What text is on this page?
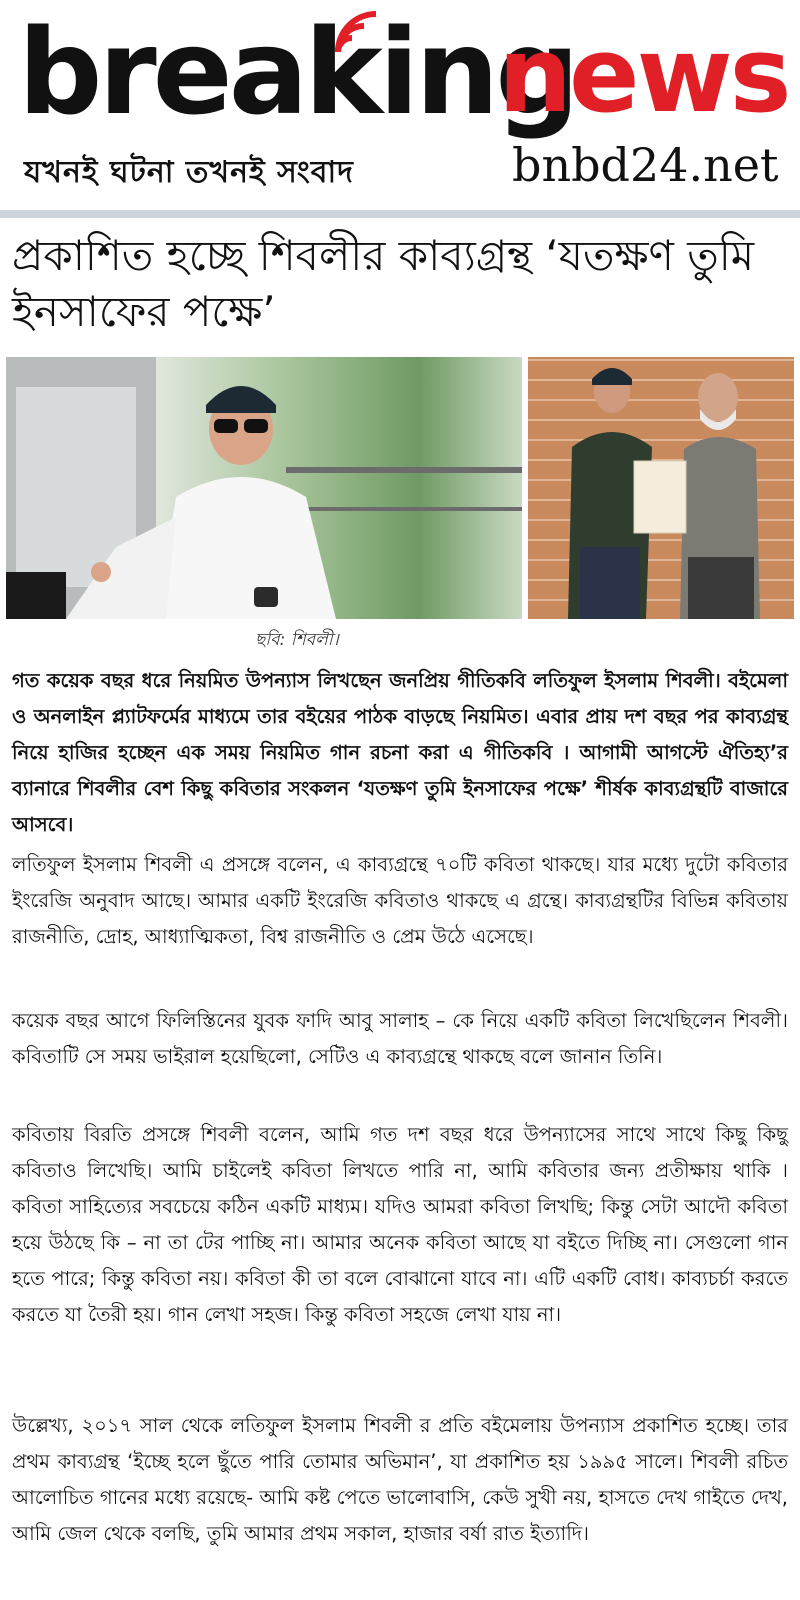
breaking
news
যখনই ঘটনা তখনই সংবাদ	bnbd24.net
প্রকাশিত হচ্ছে শিবলীর কাব্যগ্রন্থ ‘যতক্ষণ তুমি ইনসাফের পক্ষে’
ছবি: শিবলী।

গত কয়েক বছর ধরে নিয়মিত উপন্যাস লিখছেন জনপ্রিয় গীতিকবি লতিফুল ইসলাম শিবলী। বইমেলা ও অনলাইন প্ল্যাটফর্মের মাধ্যমে তার বইয়ের পাঠক বাড়ছে নিয়মিত। এবার প্রায় দশ বছর পর কাব্যগ্রন্থ নিয়ে হাজির হচ্ছেন এক সময় নিয়মিত গান রচনা করা এ গীতিকবি । আগামী আগস্টে ঐতিহ্য’র ব্যানারে শিবলীর বেশ কিছু কবিতার সংকলন ‘যতক্ষণ তুমি ইনসাফের পক্ষে’ শীর্ষক কাব্যগ্রন্থটি বাজারে আসবে।

লতিফুল ইসলাম শিবলী এ প্রসঙ্গে বলেন, এ কাব্যগ্রন্থে ৭০টি কবিতা থাকছে। যার মধ্যে দুটো কবিতার ইংরেজি অনুবাদ আছে। আমার একটি ইংরেজি কবিতাও থাকছে এ গ্রন্থে। কাব্যগ্রন্থটির বিভিন্ন কবিতায় রাজনীতি, দ্রোহ, আধ্যাত্মিকতা, বিশ্ব রাজনীতি ও প্রেম উঠে এসেছে।

কয়েক বছর আগে ফিলিস্তিনের যুবক ফাদি আবু সালাহ – কে নিয়ে একটি কবিতা লিখেছিলেন শিবলী। কবিতাটি সে সময় ভাইরাল হয়েছিলো, সেটিও এ কাব্যগ্রন্থে থাকছে বলে জানান তিনি।

কবিতায় বিরতি প্রসঙ্গে শিবলী বলেন, আমি গত দশ বছর ধরে উপন্যাসের সাথে সাথে কিছু কিছু কবিতাও লিখেছি। আমি চাইলেই কবিতা লিখতে পারি না, আমি কবিতার জন্য প্রতীক্ষায় থাকি । কবিতা সাহিত্যের সবচেয়ে কঠিন একটি মাধ্যম। যদিও আমরা কবিতা লিখছি; কিন্তু সেটা আদৌ কবিতা হয়ে উঠছে কি – না তা টের পাচ্ছি না। আমার অনেক কবিতা আছে যা বইতে দিচ্ছি না। সেগুলো গান হতে পারে; কিন্তু কবিতা নয়। কবিতা কী তা বলে বোঝানো যাবে না। এটি একটি বোধ। কাব্যচর্চা করতে করতে যা তৈরী হয়। গান লেখা সহজ। কিন্তু কবিতা সহজে লেখা যায় না।

উল্লেখ্য, ২০১৭ সাল থেকে লতিফুল ইসলাম শিবলী র প্রতি বইমেলায় উপন্যাস প্রকাশিত হচ্ছে। তার প্রথম কাব্যগ্রন্থ ‘ইচ্ছে হলে ছুঁতে পারি তোমার অভিমান’, যা প্রকাশিত হয় ১৯৯৫ সালে। শিবলী রচিত আলোচিত গানের মধ্যে রয়েছে- আমি কষ্ট পেতে ভালোবাসি, কেউ সুখী নয়, হাসতে দেখ গাইতে দেখ, আমি জেল থেকে বলছি, তুমি আমার প্রথম সকাল, হাজার বর্ষা রাত ইত্যাদি।
